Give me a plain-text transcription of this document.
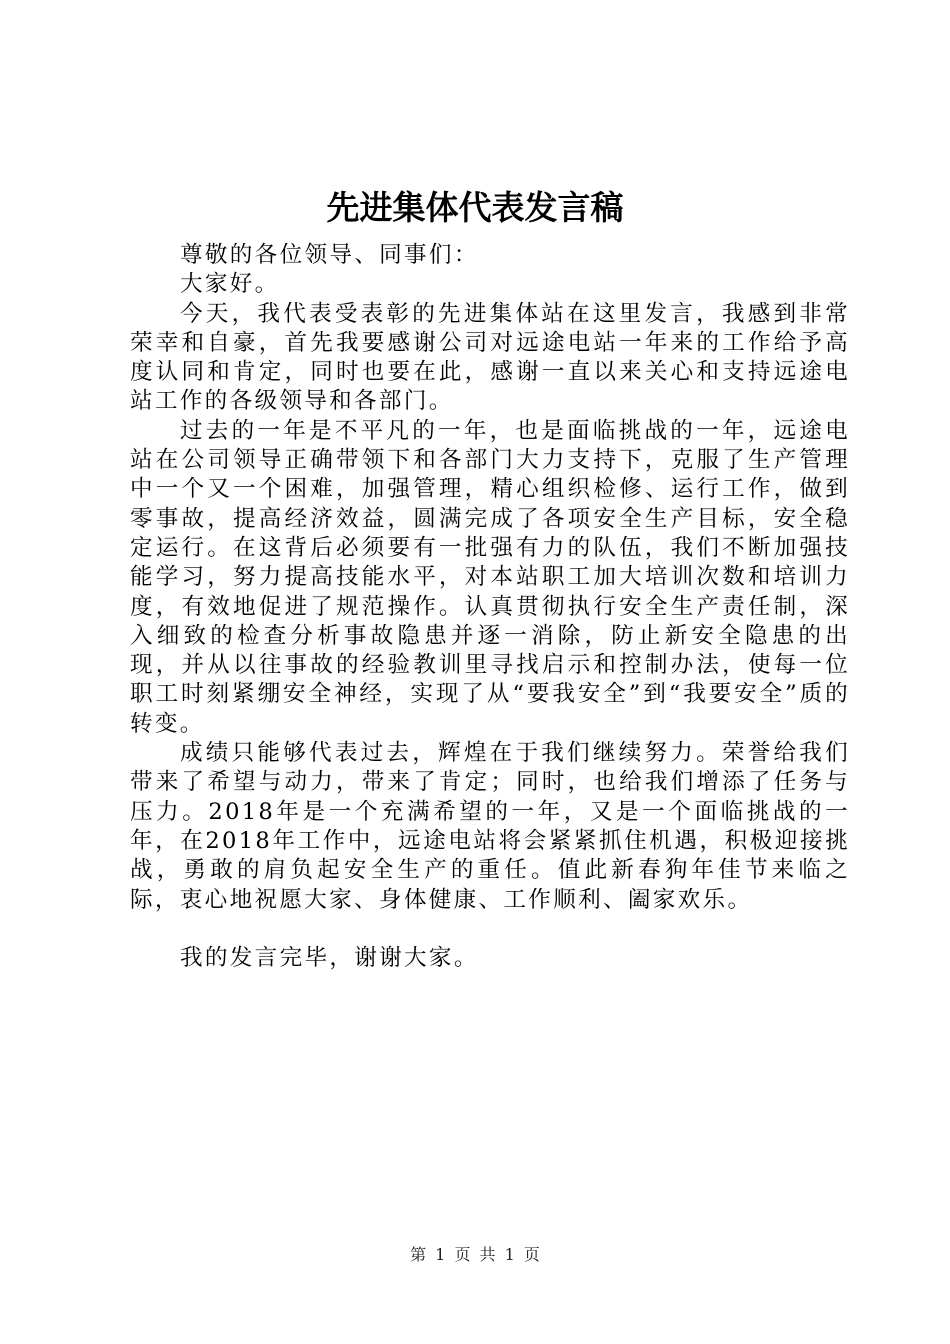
先进集体代表发言稿

尊敬的各位领导、同事们：

大家好。

今天，我代表受表彰的先进集体站在这里发言，我感到非常荣幸和自豪，首先我要感谢公司对远途电站一年来的工作给予高度认同和肯定，同时也要在此，感谢一直以来关心和支持远途电站工作的各级领导和各部门。

过去的一年是不平凡的一年，也是面临挑战的一年，远途电站在公司领导正确带领下和各部门大力支持下，克服了生产管理中一个又一个困难，加强管理，精心组织检修、运行工作，做到零事故，提高经济效益，圆满完成了各项安全生产目标，安全稳定运行。在这背后必须要有一批强有力的队伍，我们不断加强技能学习，努力提高技能水平，对本站职工加大培训次数和培训力度，有效地促进了规范操作。认真贯彻执行安全生产责任制，深入细致的检查分析事故隐患并逐一消除，防止新安全隐患的出现，并从以往事故的经验教训里寻找启示和控制办法，使每一位职工时刻紧绷安全神经，实现了从“要我安全”到“我要安全”质的转变。

成绩只能够代表过去，辉煌在于我们继续努力。荣誉给我们带来了希望与动力，带来了肯定；同时，也给我们增添了任务与压力。2018年是一个充满希望的一年，又是一个面临挑战的一年，在2018年工作中，远途电站将会紧紧抓住机遇，积极迎接挑战，勇敢的肩负起安全生产的重任。值此新春狗年佳节来临之际，衷心地祝愿大家、身体健康、工作顺利、阖家欢乐。

我的发言完毕，谢谢大家。

第 1 页 共 1 页
